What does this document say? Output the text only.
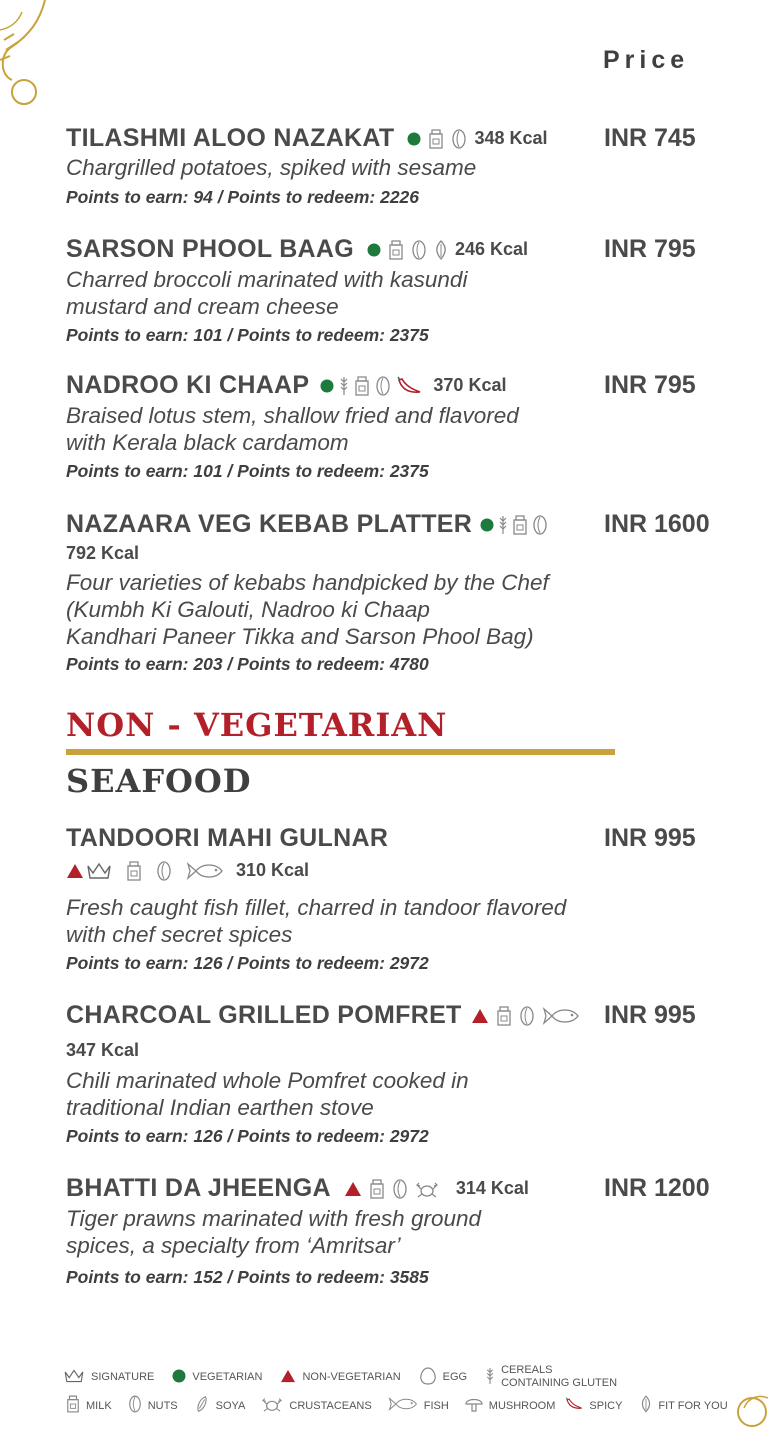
Price
TILASHMI ALOO NAZAKAT	348 Kcal INR 745
Chargrilled potatoes, spiked with sesame
Points to earn: 94 / Points to redeem: 2226
SARSON PHOOL BAAG	246 Kcal	INR 795
Charred broccoli marinated with kasundi
mustard and cream cheese
Points to earn: 101 / Points to redeem: 2375
NADROO KI CHAAP	370 Kcal	INR 795
Braised lotus stem, shallow fried and flavored
with Kerala black cardamom
Points to earn: 101 / Points to redeem: 2375
NAZAARA VEG KEBAB PLATTER	INR 1600
792 Kcal
Four varieties of kebabs handpicked by the Chef
(Kumbh Ki Galouti, Nadroo ki Chaap
Kandhari Paneer Tikka and Sarson Phool Bag)
Points to earn: 203 / Points to redeem: 4780
NON - VEGETARIAN
SEAFOOD
TANDOORI MAHI GULNAR	INR 995
310 Kcal
Fresh caught fish fillet, charred in tandoor flavored
with chef secret spices
Points to earn: 126 / Points to redeem: 2972
CHARCOAL GRILLED POMFRET	INR 995
347 Kcal
Chili marinated whole Pomfret cooked in
traditional Indian earthen stove
Points to earn: 126 / Points to redeem: 2972
BHATTI DA JHEENGA	314 Kcal	INR 1200
Tiger prawns marinated with fresh ground
spices, a specialty from ‘Amritsar’
Points to earn: 152 / Points to redeem: 3585
SIGNATURE	VEGETARIAN	NON-VEGETARIAN	EGG
CEREALS
CONTAINING GLUTEN
MILK	NUTS	SOYA	CRUSTACEANS	FISH	MUSHROOM	SPICY	FIT FOR YOU
